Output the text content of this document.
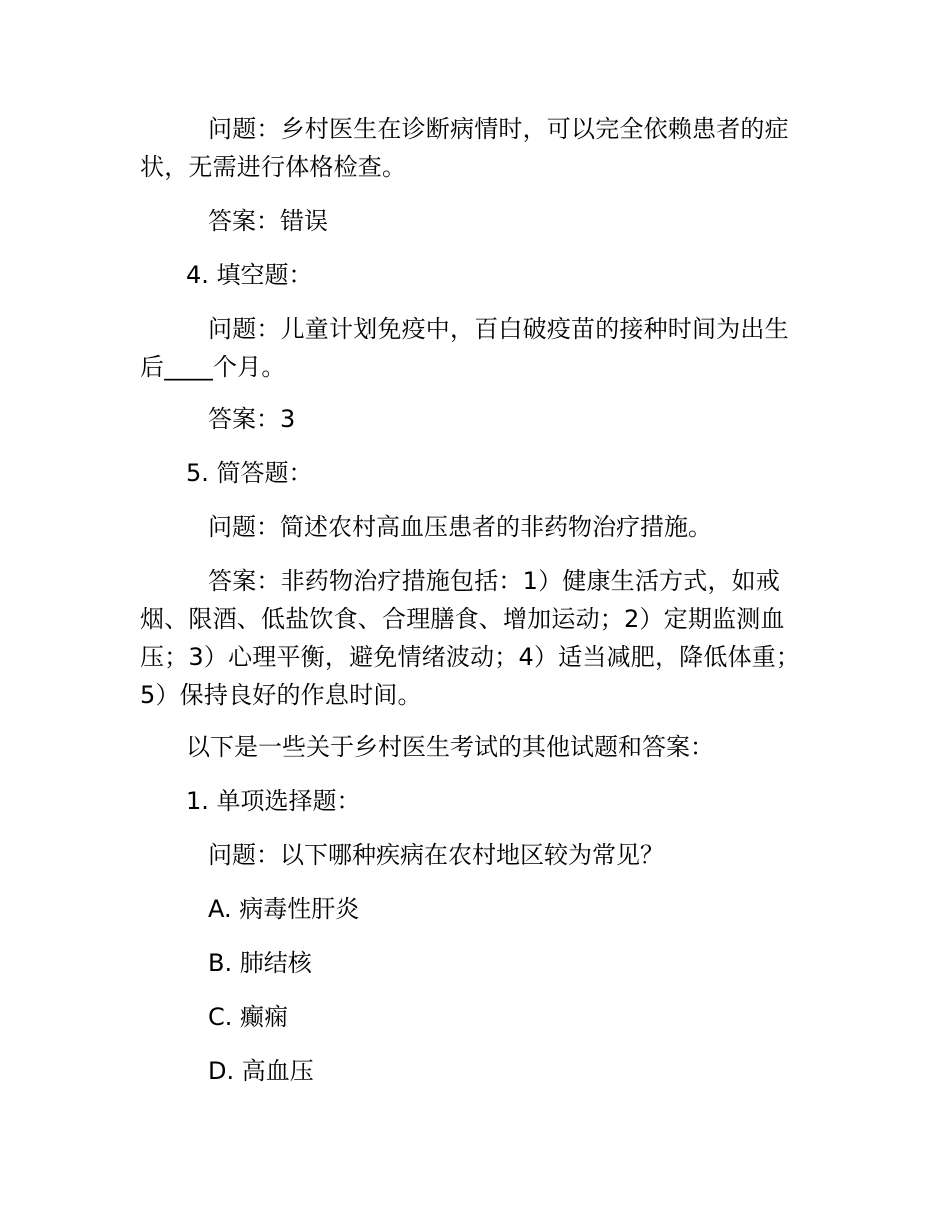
问题：乡村医生在诊断病情时，可以完全依赖患者的症状，无需进行体格检查。
答案：错误
4. 填空题：
问题：儿童计划免疫中，百白破疫苗的接种时间为出生后____个月。
答案：3
5. 简答题：
问题：简述农村高血压患者的非药物治疗措施。
答案：非药物治疗措施包括：1）健康生活方式，如戒烟、限酒、低盐饮食、合理膳食、增加运动；2）定期监测血压；3）心理平衡，避免情绪波动；4）适当减肥，降低体重；5）保持良好的作息时间。
以下是一些关于乡村医生考试的其他试题和答案：
1. 单项选择题：
问题：以下哪种疾病在农村地区较为常见？
A. 病毒性肝炎
B. 肺结核
C. 癫痫
D. 高血压
